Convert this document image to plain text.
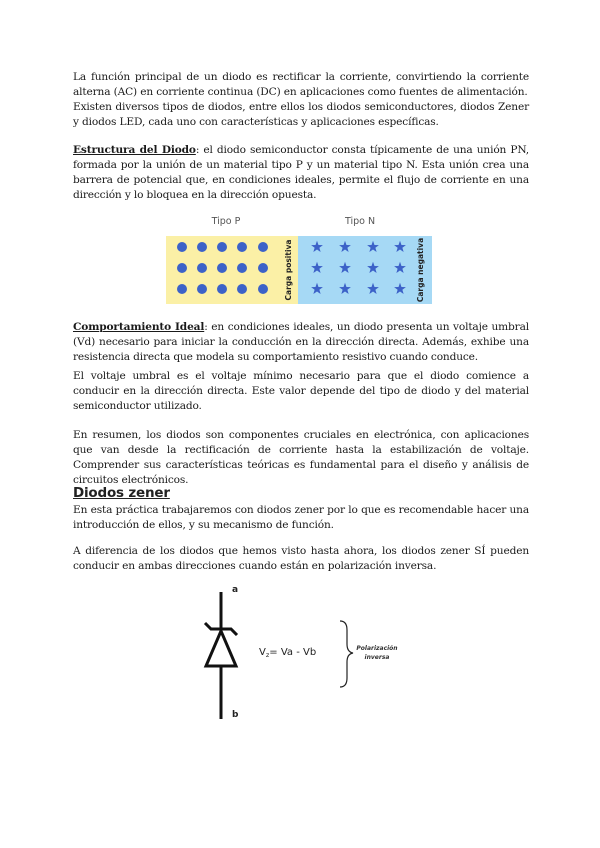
La función principal de un diodo es rectificar la corriente, convirtiendo la corriente alterna (AC) en corriente continua (DC) en aplicaciones como fuentes de alimentación.

Existen diversos tipos de diodos, entre ellos los diodos semiconductores, diodos Zener y diodos LED, cada uno con características y aplicaciones específicas.

Estructura del Diodo: el diodo semiconductor consta típicamente de una unión PN, formada por la unión de un material tipo P y un material tipo N. Esta unión crea una barrera de potencial que, en condiciones ideales, permite el flujo de corriente en una dirección y lo bloquea en la dirección opuesta.

Tipo P	Tipo N
Carga positiva	Carga negativa

Comportamiento Ideal: en condiciones ideales, un diodo presenta un voltaje umbral (Vd) necesario para iniciar la conducción en la dirección directa. Además, exhibe una resistencia directa que modela su comportamiento resistivo cuando conduce.

El voltaje umbral es el voltaje mínimo necesario para que el diodo comience a conducir en la dirección directa. Este valor depende del tipo de diodo y del material semiconductor utilizado.

En resumen, los diodos son componentes cruciales en electrónica, con aplicaciones que van desde la rectificación de corriente hasta la estabilización de voltaje. Comprender sus características teóricas es fundamental para el diseño y análisis de circuitos electrónicos.

Diodos zener

En esta práctica trabajaremos con diodos zener por lo que es recomendable hacer una introducción de ellos, y su mecanismo de función.

A diferencia de los diodos que hemos visto hasta ahora, los diodos zener SÍ pueden conducir en ambas direcciones cuando están en polarización inversa.

a
b
$V_z= Va - Vb$	Polarización
inversa
